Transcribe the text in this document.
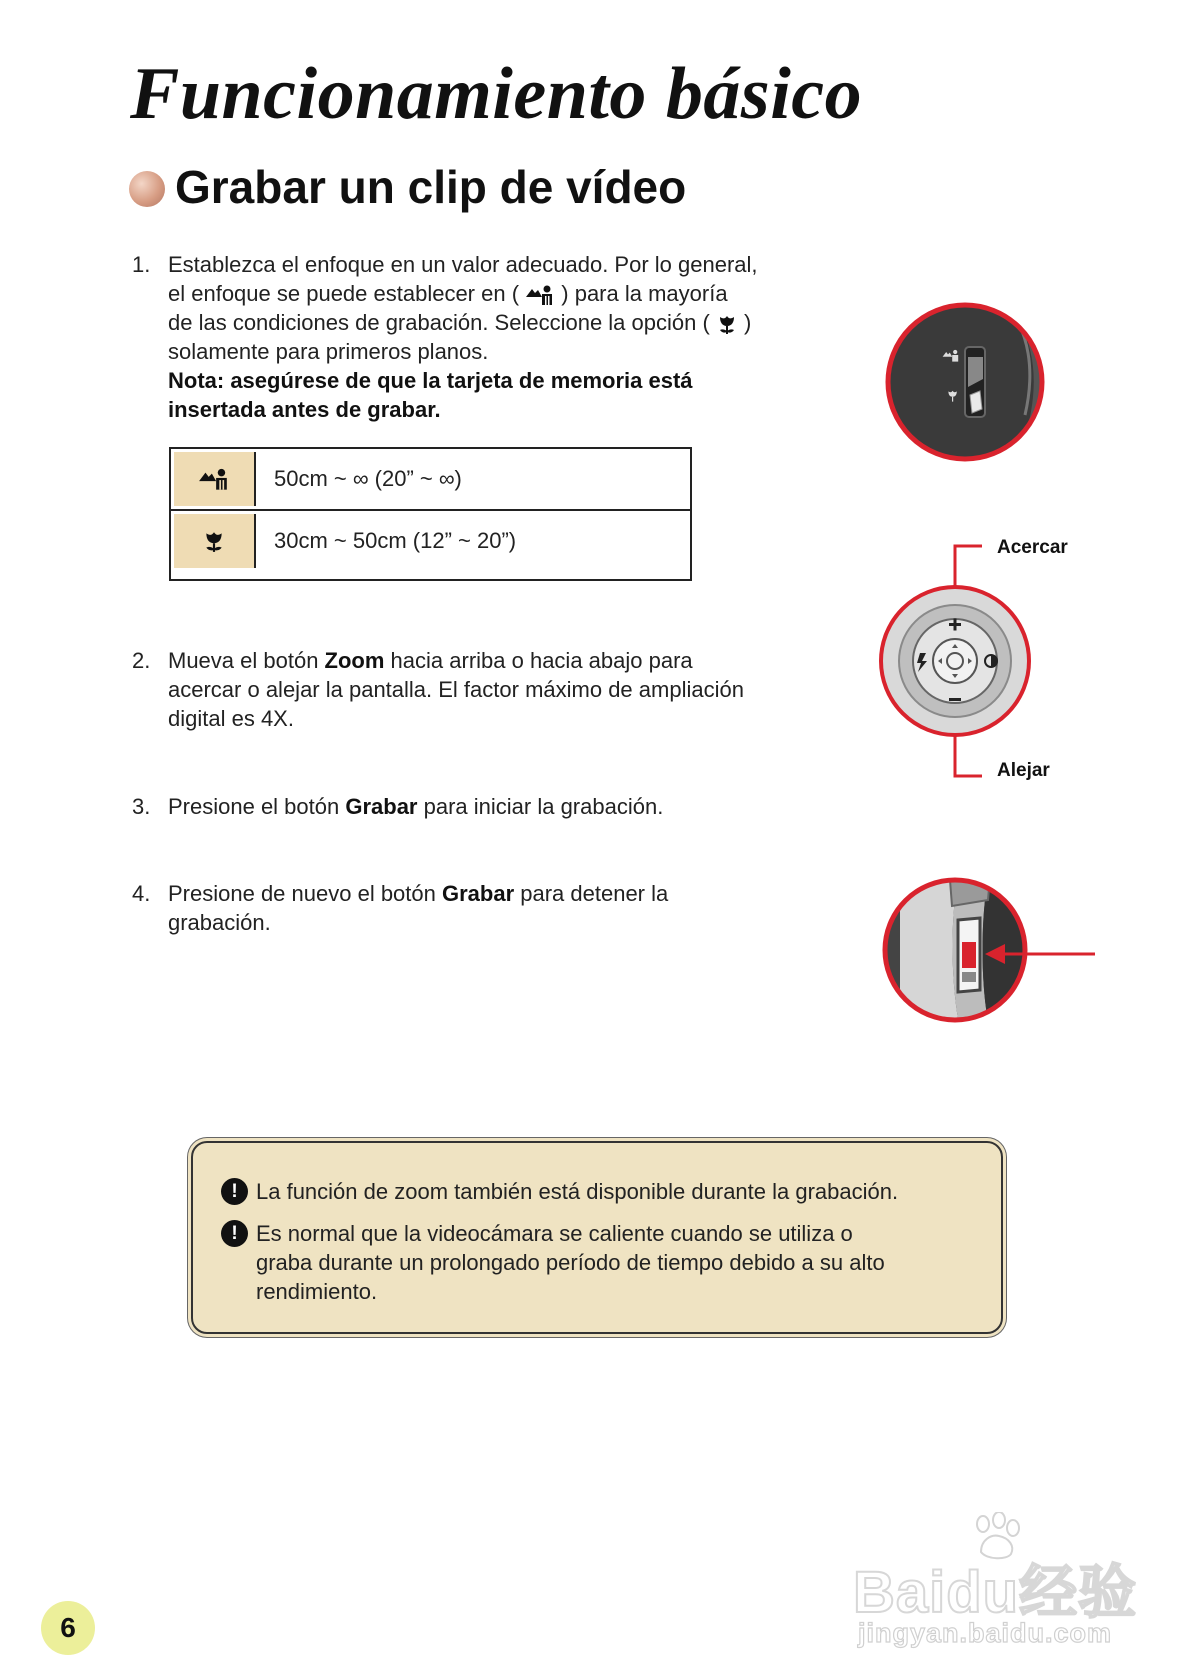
Funcionamiento básico
Grabar un clip de vídeo
1. Establezca el enfoque en un valor adecuado. Por lo general,
el enfoque se puede establecer en (  ) para la mayoría
de las condiciones de grabación. Seleccione la opción (  )
solamente para primeros planos.
Nota: asegúrese de que la tarjeta de memoria está
insertada antes de grabar.
50cm ~ ∞ (20” ~ ∞)
30cm ~ 50cm (12” ~ 20”)
2. Mueva el botón Zoom hacia arriba o hacia abajo para
acercar o alejar la pantalla. El factor máximo de ampliación
digital es 4X.
3. Presione el botón Grabar para iniciar la grabación.
4. Presione de nuevo el botón Grabar para detener la
grabación.
Acercar
Alejar
! La función de zoom también está disponible durante la grabación.
! Es normal que la videocámara se caliente cuando se utiliza o
graba durante un prolongado período de tiempo debido a su alto
rendimiento.
6
Baidu经验
jingyan.baidu.com
